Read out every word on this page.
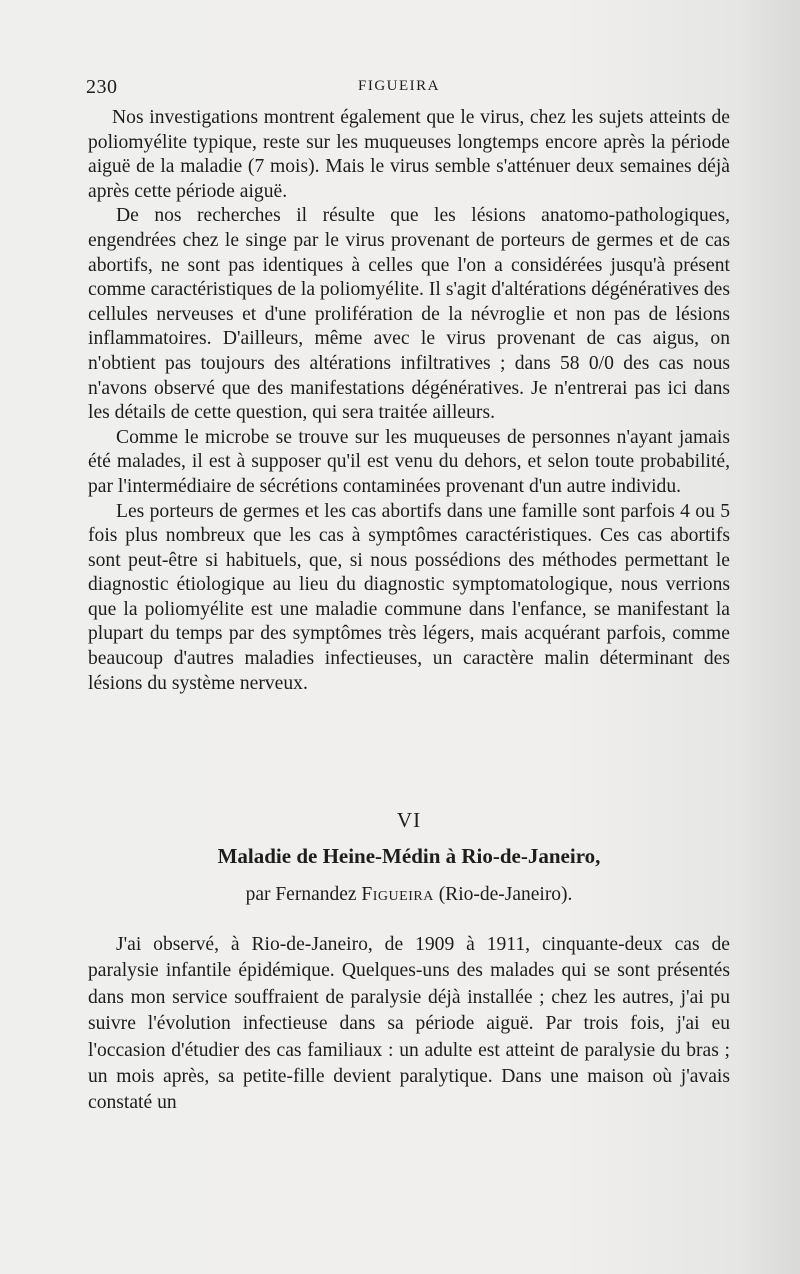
230	FIGUEIRA

Nos investigations montrent également que le virus, chez les sujets atteints de poliomyélite typique, reste sur les muqueuses longtemps encore après la période aiguë de la maladie (7 mois). Mais le virus semble s'atténuer deux semaines déjà après cette période aiguë.

De nos recherches il résulte que les lésions anatomo-pathologiques, engendrées chez le singe par le virus provenant de porteurs de germes et de cas abortifs, ne sont pas identiques à celles que l'on a considérées jusqu'à présent comme caractéristiques de la poliomyélite. Il s'agit d'altérations dégénératives des cellules nerveuses et d'une prolifération de la névroglie et non pas de lésions inflammatoires. D'ailleurs, même avec le virus provenant de cas aigus, on n'obtient pas toujours des altérations infiltratives ; dans 58 0/0 des cas nous n'avons observé que des manifestations dégénératives. Je n'entrerai pas ici dans les détails de cette question, qui sera traitée ailleurs.

Comme le microbe se trouve sur les muqueuses de personnes n'ayant jamais été malades, il est à supposer qu'il est venu du dehors, et selon toute probabilité, par l'intermédiaire de sécrétions contaminées provenant d'un autre individu.

Les porteurs de germes et les cas abortifs dans une famille sont parfois 4 ou 5 fois plus nombreux que les cas à symptômes caractéristiques. Ces cas abortifs sont peut-être si habituels, que, si nous possédions des méthodes permettant le diagnostic étiologique au lieu du diagnostic symptomatologique, nous verrions que la poliomyélite est une maladie commune dans l'enfance, se manifestant la plupart du temps par des symptômes très légers, mais acquérant parfois, comme beaucoup d'autres maladies infectieuses, un caractère malin déterminant des lésions du système nerveux.

VI
Maladie de Heine-Médin à Rio-de-Janeiro,
par Fernandez Figueira (Rio-de-Janeiro).

J'ai observé, à Rio-de-Janeiro, de 1909 à 1911, cinquante-deux cas de paralysie infantile épidémique. Quelques-uns des malades qui se sont présentés dans mon service souffraient de paralysie déjà installée ; chez les autres, j'ai pu suivre l'évolution infectieuse dans sa période aiguë. Par trois fois, j'ai eu l'occasion d'étudier des cas familiaux : un adulte est atteint de paralysie du bras ; un mois après, sa petite-fille devient paralytique. Dans une maison où j'avais constaté un
